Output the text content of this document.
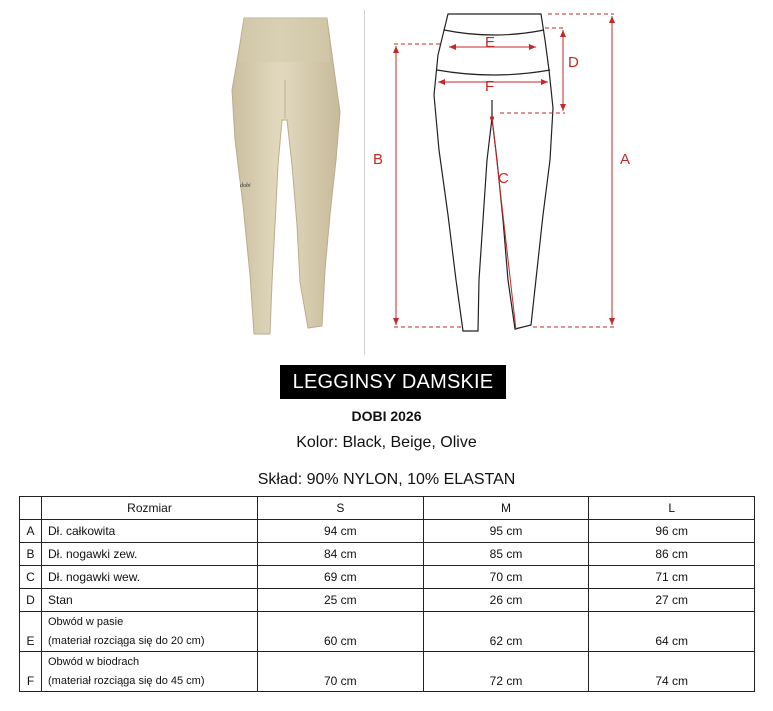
dobi
A
B
C
D
E
F
LEGGINSY DAMSKIE
DOBI 2026
Kolor: Black, Beige, Olive
Skład: 90% NYLON, 10% ELASTAN
	Rozmiar	S	M	L
A	Dł. całkowita	94 cm	95 cm	96 cm
B	Dł. nogawki zew.	84 cm	85 cm	86 cm
C	Dł. nogawki wew.	69 cm	70 cm	71 cm
D	Stan	25 cm	26 cm	27 cm
E	Obwód w pasie
(materiał rozciąga się do 20 cm)	60 cm	62 cm	64 cm
F	Obwód w biodrach
(materiał rozciąga się do 45 cm)	70 cm	72 cm	74 cm
